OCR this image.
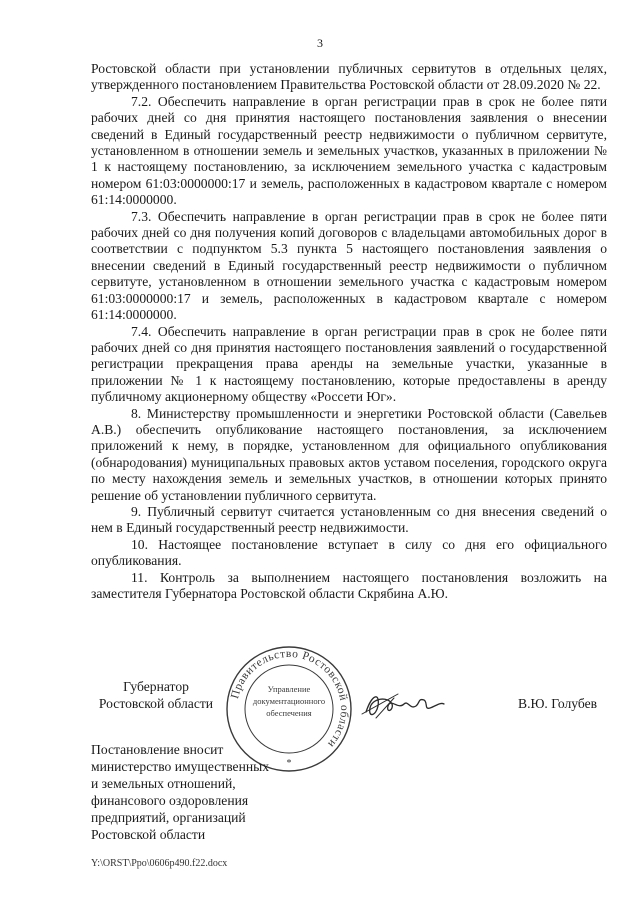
3

Ростовской области при установлении публичных сервитутов в отдельных целях, утвержденного постановлением Правительства Ростовской области от 28.09.2020 № 22.

7.2. Обеспечить направление в орган регистрации прав в срок не более пяти рабочих дней со дня принятия настоящего постановления заявления о внесении сведений в Единый государственный реестр недвижимости о публичном сервитуте, установленном в отношении земель и земельных участков, указанных в приложении № 1 к настоящему постановлению, за исключением земельного участка с кадастровым номером 61:03:0000000:17 и земель, расположенных в кадастровом квартале с номером 61:14:0000000.

7.3. Обеспечить направление в орган регистрации прав в срок не более пяти рабочих дней со дня получения копий договоров с владельцами автомобильных дорог в соответствии с подпунктом 5.3 пункта 5 настоящего постановления заявления о внесении сведений в Единый государственный реестр недвижимости о публичном сервитуте, установленном в отношении земельного участка с кадастровым номером 61:03:0000000:17 и земель, расположенных в кадастровом квартале с номером 61:14:0000000.

7.4. Обеспечить направление в орган регистрации прав в срок не более пяти рабочих дней со дня принятия настоящего постановления заявлений о государственной регистрации прекращения права аренды на земельные участки, указанные в приложении № 1 к настоящему постановлению, которые предоставлены в аренду публичному акционерному обществу «Россети Юг».

8. Министерству промышленности и энергетики Ростовской области (Савельев А.В.) обеспечить опубликование настоящего постановления, за исключением приложений к нему, в порядке, установленном для официального опубликования (обнародования) муниципальных правовых актов уставом поселения, городского округа по месту нахождения земель и земельных участков, в отношении которых принято решение об установлении публичного сервитута.

9. Публичный сервитут считается установленным со дня внесения сведений о нем в Единый государственный реестр недвижимости.

10. Настоящее постановление вступает в силу со дня его официального опубликования.

11. Контроль за выполнением настоящего постановления возложить на заместителя Губернатора Ростовской области Скрябина А.Ю.

Губернатор
Ростовской области
Правительство Ростовской области
Управление
документационного
обеспечения
*
В.Ю. Голубев
Постановление вносит
министерство имущественных
и земельных отношений,
финансового оздоровления
предприятий, организаций
Ростовской области
Y:\ORST\Ppo\0606p490.f22.docx
